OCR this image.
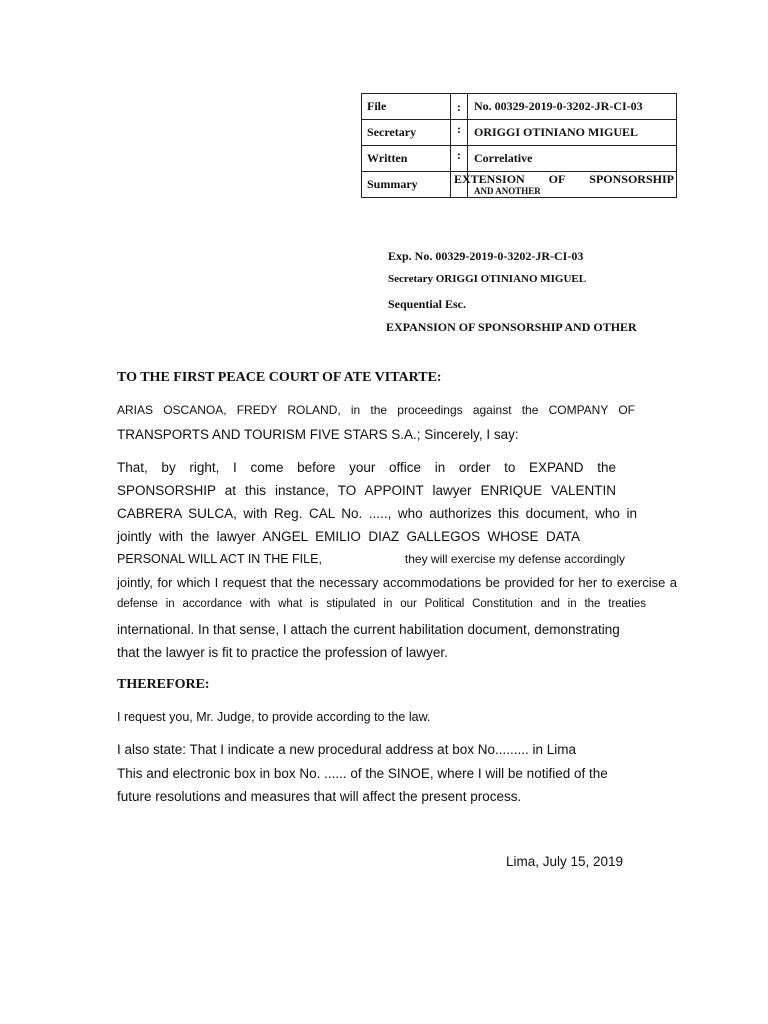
File	:	No. 00329-2019-0-3202-JR-CI-03
Secretary	:	ORIGGI OTINIANO MIGUEL
Written	:	Correlative
Summary		EXTENSION OF SPONSORSHIP
AND ANOTHER
Exp. No. 00329-2019-0-3202-JR-CI-03
Secretary ORIGGI OTINIANO MIGUEL
Sequential Esc.
EXPANSION OF SPONSORSHIP AND OTHER
TO THE FIRST PEACE COURT OF ATE VITARTE:
ARIAS OSCANOA, FREDY ROLAND, in the proceedings against the COMPANY OF
TRANSPORTS AND TOURISM FIVE STARS S.A.; Sincerely, I say:
That, by right, I come before your office in order to EXPAND the
SPONSORSHIP at this instance, TO APPOINT lawyer ENRIQUE VALENTIN
CABRERA SULCA, with Reg. CAL No. ....., who authorizes this document, who in
jointly with the lawyer ANGEL EMILIO DIAZ GALLEGOS WHOSE DATA
PERSONAL WILL ACT IN THE FILE,	they will exercise my defense accordingly
jointly, for which I request that the necessary accommodations be provided for her to exercise a
defense in accordance with what is stipulated in our Political Constitution and in the treaties
international. In that sense, I attach the current habilitation document, demonstrating
that the lawyer is fit to practice the profession of lawyer.
THEREFORE:
I request you, Mr. Judge, to provide according to the law.
I also state: That I indicate a new procedural address at box No......... in Lima
This and electronic box in box No. ...... of the SINOE, where I will be notified of the
future resolutions and measures that will affect the present process.
Lima, July 15, 2019
